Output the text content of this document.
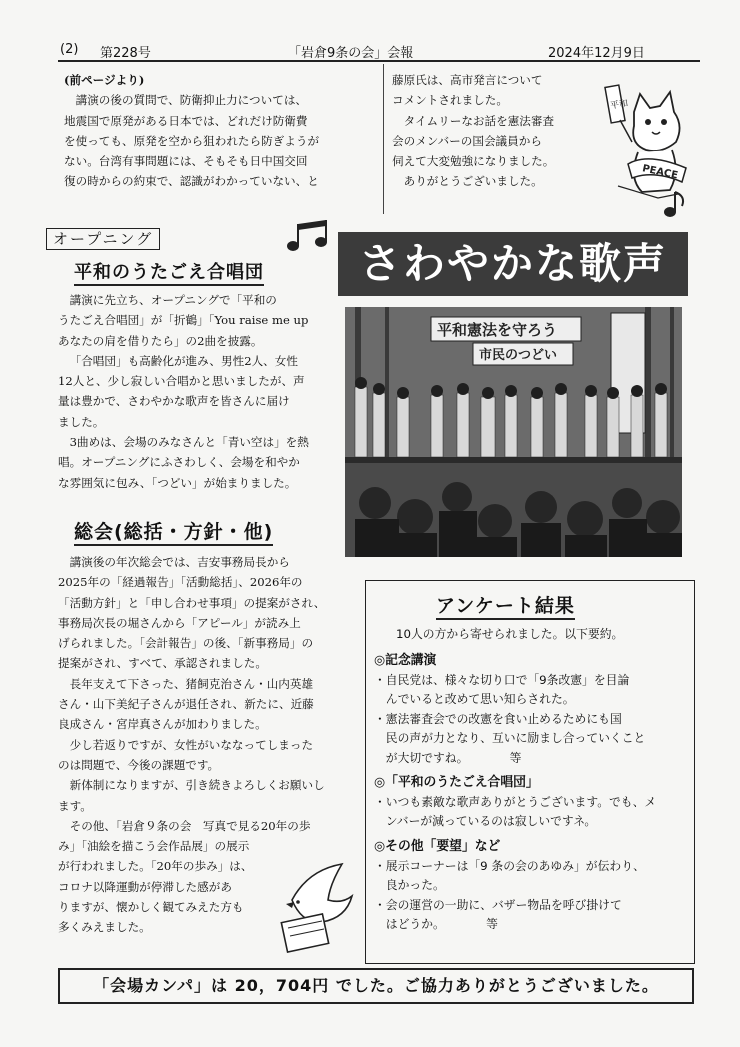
(2) 第228号	「岩倉9条の会」会報	2024年12月9日
(前ページより)
講演の後の質問で、防衛抑止力については、
地震国で原発がある日本では、どれだけ防衛費
を使っても、原発を空から狙われたら防ぎようが
ない。台湾有事問題には、そもそも日中国交回
復の時からの約束で、認識がわかっていない、と
藤原氏は、高市発言について
コメントされました。
タイムリーなお話を憲法審査
会のメンバーの国会議員から
伺えて大変勉強になりました。
ありがとうございました。
PEACE
平和
オープニング
平和のうたごえ合唱団
講演に先立ち、オープニングで「平和の
うたごえ合唱団」が「折鶴」「You raise me up
あなたの肩を借りたら」の2曲を披露。
「合唱団」も高齢化が進み、男性2人、女性
12人と、少し寂しい合唱かと思いましたが、声
量は豊かで、さわやかな歌声を皆さんに届け
ました。
3曲めは、会場のみなさんと「青い空は」を熱
唱。オープニングにふさわしく、会場を和やか
な雰囲気に包み、「つどい」が始まりました。
さわやかな歌声
平和憲法を守ろう
市民のつどい
総会(総括・方針・他)
講演後の年次総会では、吉安事務局長から
2025年の「経過報告」「活動総括」、2026年の
「活動方針」と「申し合わせ事項」の提案がされ、
事務局次長の堀さんから「アピール」が読み上
げられました。「会計報告」の後、「新事務局」の
提案がされ、すべて、承認されました。
長年支えて下さった、猪飼克治さん・山内英雄
さん・山下美紀子さんが退任され、新たに、近藤
良成さん・宮岸真さんが加わりました。
少し若返りですが、女性がいななってしまった
のは問題で、今後の課題です。
新体制になりますが、引き続きよろしくお願いし
ます。
その他、「岩倉９条の会　写真で見る20年の歩
み」「油絵を描こう会作品展」の展示
が行われました。「20年の歩み」は、
コロナ以降運動が停滞した感があ
りますが、懐かしく観てみえた方も
多くみえました。
アンケート結果
10人の方から寄せられました。以下要約。
◎記念講演
・自民党は、様々な切り口で「9条改憲」を目論
　んでいると改めて思い知らされた。
・憲法審査会での改憲を食い止めるためにも国
　民の声が力となり、互いに励まし合っていくこと
　が大切ですね。　　　　等
◎「平和のうたごえ合唱団」
・いつも素敵な歌声ありがとうございます。でも、メ
　ンバーが減っているのは寂しいですネ。
◎その他「要望」など
・展示コーナーは「9 条の会のあゆみ」が伝わり、
　良かった。
・会の運営の一助に、バザー物品を呼び掛けて
　はどうか。　　　　等
「会場カンパ」は 20，704円 でした。ご協力ありがとうございました。
